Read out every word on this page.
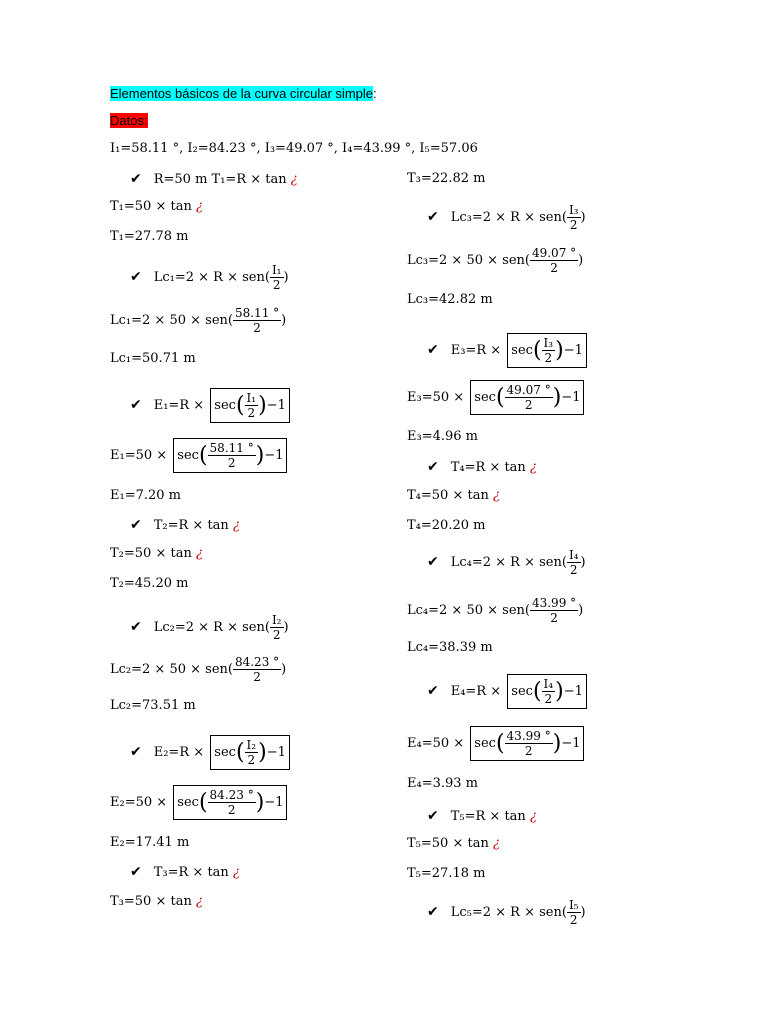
Elementos básicos de la curva circular simple:
Datos:
I₁=58.11 °, I₂=84.23 °, I₃=49.07 °, I₄=43.99 °, I₅=57.06
✔ R=50 m T₁=R × tan ¿
T₁=50 × tan ¿
T₁=27.78 m
✔ $Lc_1=2 \times R \times sen( \frac{\text{I₁}}{2}$ )
$Lc_1=2 \times 50 \times sen( \frac{58.11 ^\circ}{2}$ )
Lc₁=50.71 m
✔ $E_1=R \times \sec( \frac{\text{I₁}}{2} )-1$
$E_1=50 \times \sec( \frac{58.11 ^\circ}{2} )-1$
E₁=7.20 m
✔ T₂=R × tan ¿
T₂=50 × tan ¿
T₂=45.20 m
✔ $Lc_2=2 \times R \times sen( \frac{\text{I₂}}{2}$ )
$Lc_2=2 \times 50 \times sen( \frac{84.23 ^\circ}{2}$ )
Lc₂=73.51 m
✔ $E_2=R \times \sec( \frac{\text{I₂}}{2} )-1$
$E_2=50 \times \sec( \frac{84.23 ^\circ}{2} )-1$
E₂=17.41 m
✔ T₃=R × tan ¿
T₃=50 × tan ¿
T₃=22.82 m
✔ $Lc_3=2 \times R \times sen( \frac{\text{I₃}}{2}$ )
$Lc_3=2 \times 50 \times sen( \frac{49.07 ^\circ}{2}$ )
Lc₃=42.82 m
✔ $E_3=R \times \sec( \frac{\text{I₃}}{2} )-1$
$E_3=50 \times \sec( \frac{49.07 ^\circ}{2} )-1$
E₃=4.96 m
✔ T₄=R × tan ¿
T₄=50 × tan ¿
T₄=20.20 m
✔ $Lc_4=2 \times R \times sen( \frac{\text{I₄}}{2}$ )
$Lc_4=2 \times 50 \times sen( \frac{43.99 ^\circ}{2}$ )
Lc₄=38.39 m
✔ $E_4=R \times \sec( \frac{\text{I₄}}{2} )-1$
$E_4=50 \times \sec( \frac{43.99 ^\circ}{2} )-1$
E₄=3.93 m
✔ T₅=R × tan ¿
T₅=50 × tan ¿
T₅=27.18 m
✔ $Lc_5=2 \times R \times sen( \frac{\text{I₅}}{2}$ )
